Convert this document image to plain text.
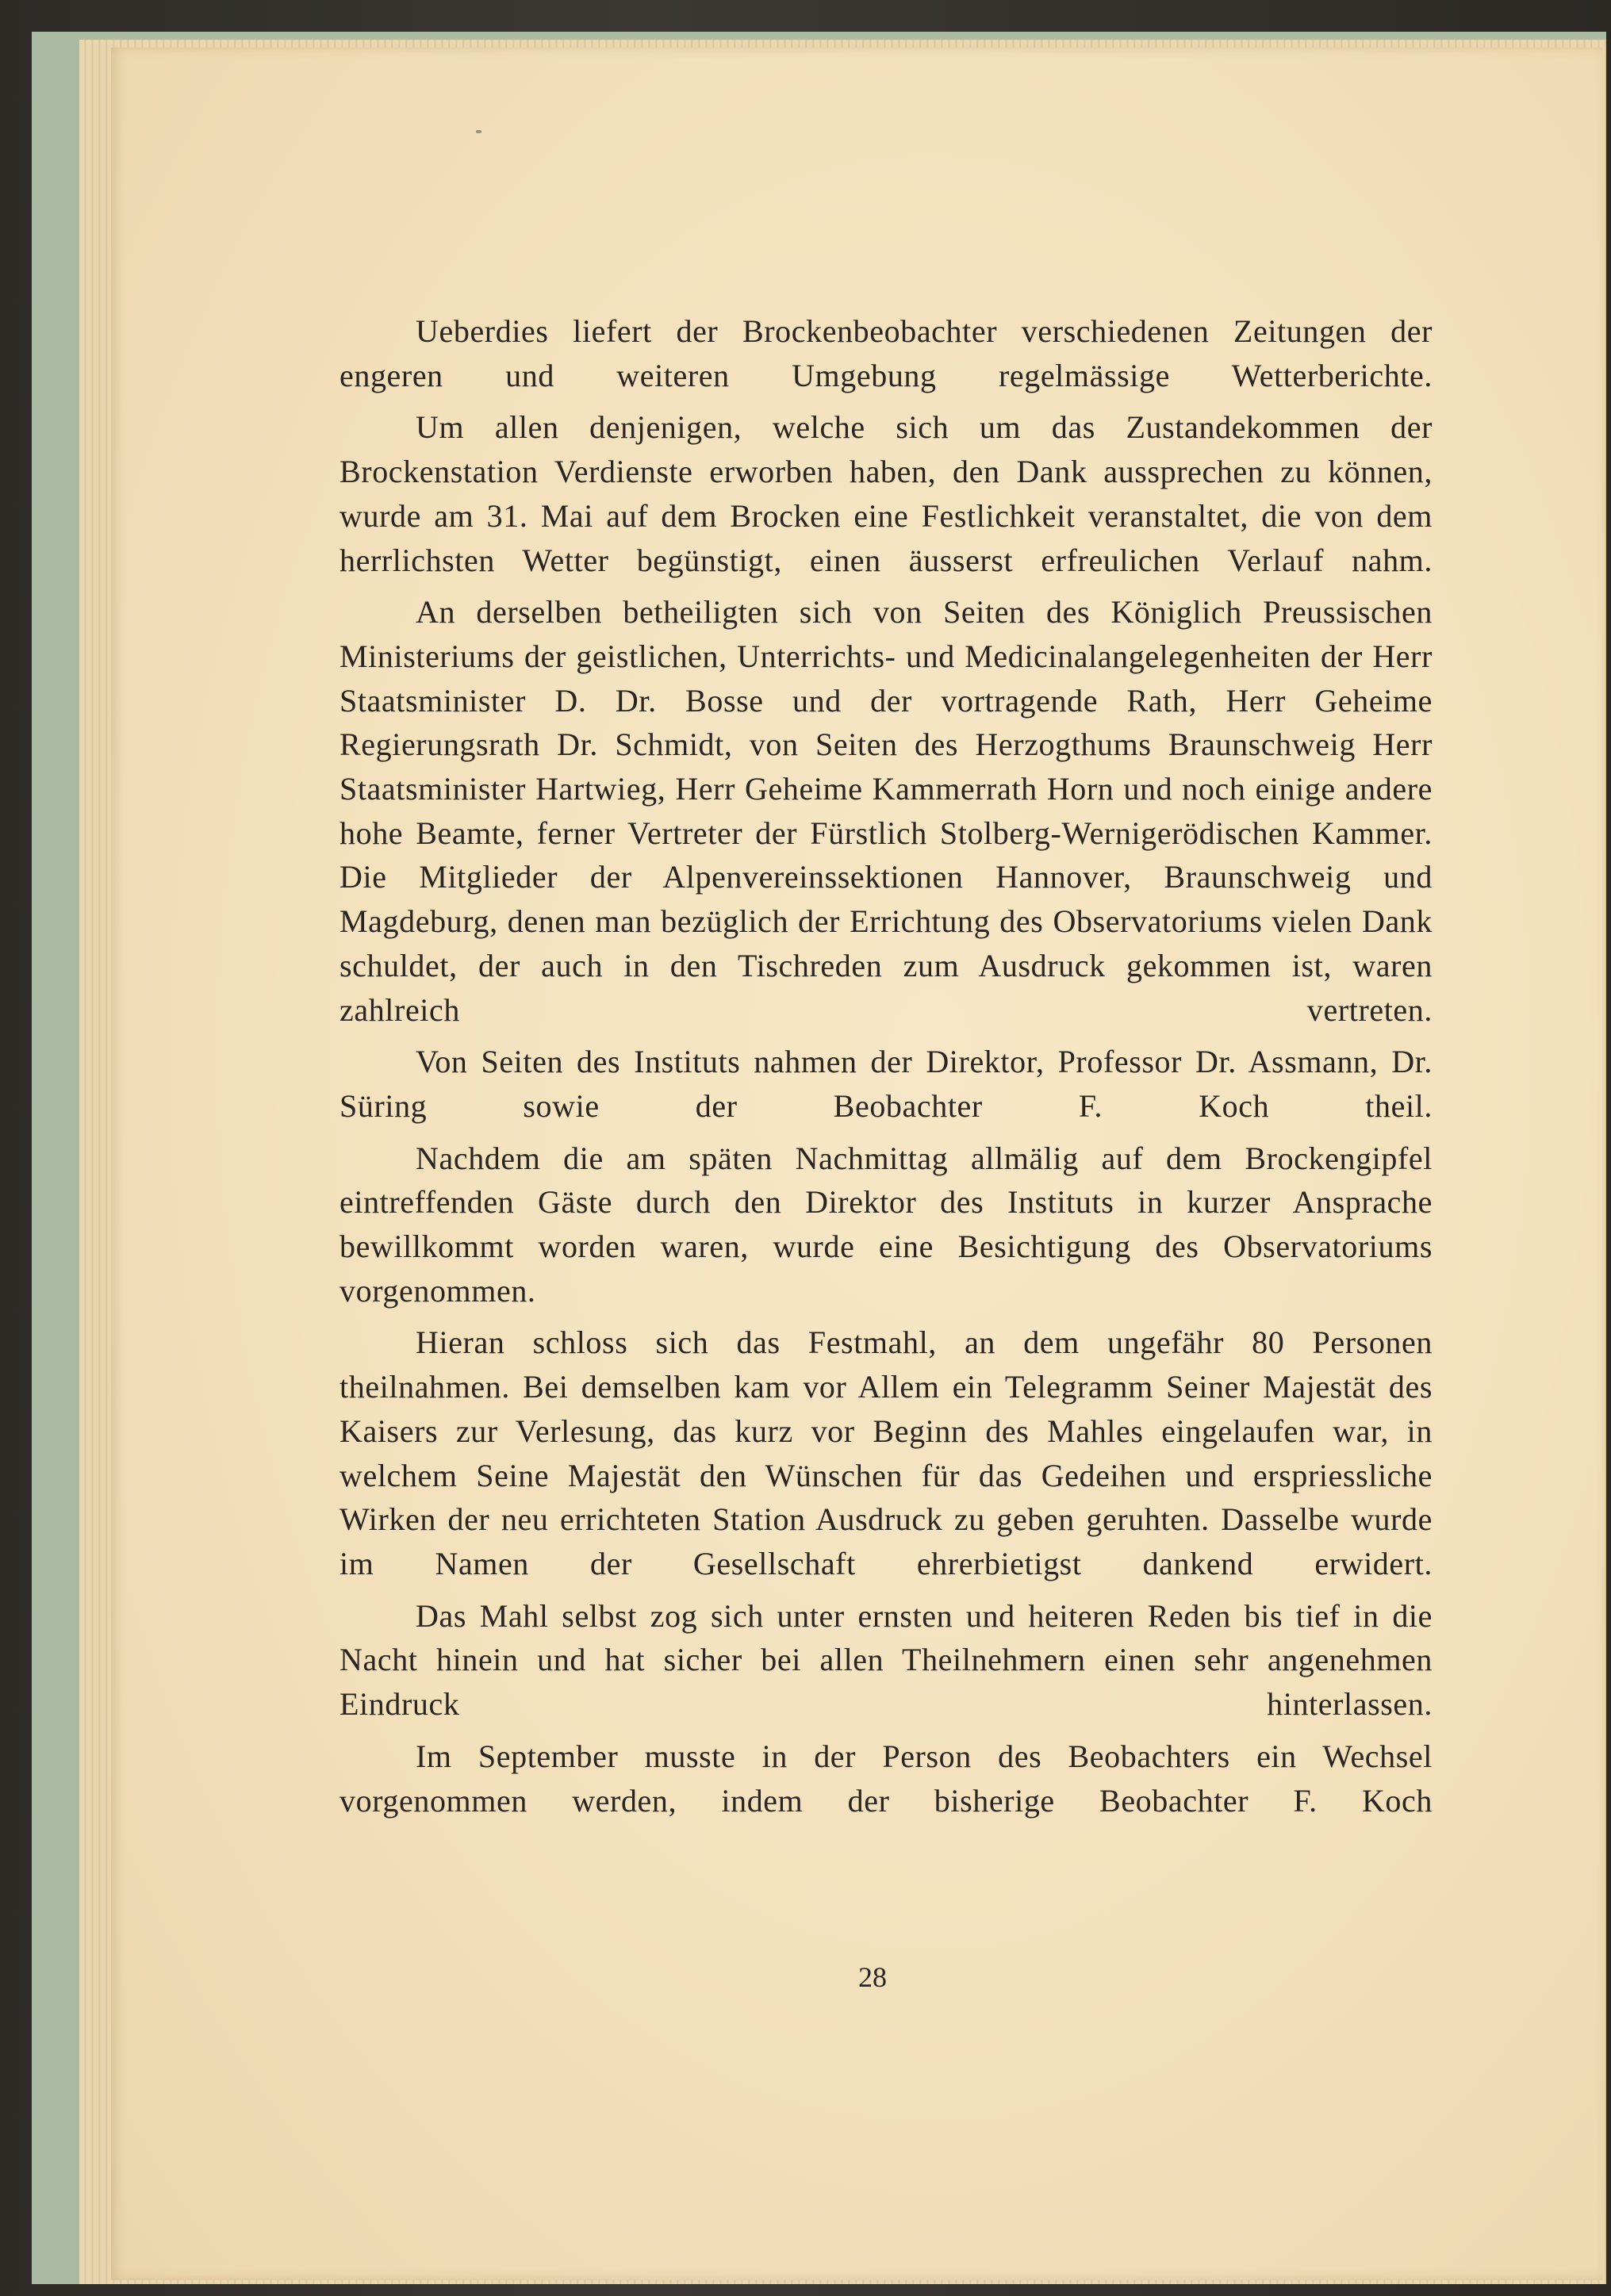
Ueberdies liefert der Brockenbeobachter verschiedenen Zeitungen der engeren und weiteren Umgebung regelmässige Wetterberichte.

Um allen denjenigen, welche sich um das Zustandekommen der Brockenstation Verdienste erworben haben, den Dank aussprechen zu können, wurde am 31. Mai auf dem Brocken eine Festlichkeit veranstaltet, die von dem herrlichsten Wetter begünstigt, einen äusserst erfreulichen Verlauf nahm.

An derselben betheiligten sich von Seiten des Königlich Preussischen Ministeriums der geistlichen, Unterrichts- und Medicinalangelegenheiten der Herr Staatsminister D. Dr. Bosse und der vortragende Rath, Herr Geheime Regierungsrath Dr. Schmidt, von Seiten des Herzogthums Braunschweig Herr Staatsminister Hartwieg, Herr Geheime Kammerrath Horn und noch einige andere hohe Beamte, ferner Vertreter der Fürstlich Stolberg-Wernigerödischen Kammer. Die Mitglieder der Alpenvereinssektionen Hannover, Braunschweig und Magdeburg, denen man bezüglich der Errichtung des Observatoriums vielen Dank schuldet, der auch in den Tischreden zum Ausdruck gekommen ist, waren zahlreich vertreten.

Von Seiten des Instituts nahmen der Direktor, Professor Dr. Assmann, Dr. Süring sowie der Beobachter F. Koch theil.

Nachdem die am späten Nachmittag allmälig auf dem Brockengipfel eintreffenden Gäste durch den Direktor des Instituts in kurzer Ansprache bewillkommt worden waren, wurde eine Besichtigung des Observatoriums vorgenommen.

Hieran schloss sich das Festmahl, an dem ungefähr 80 Personen theilnahmen. Bei demselben kam vor Allem ein Telegramm Seiner Majestät des Kaisers zur Verlesung, das kurz vor Beginn des Mahles eingelaufen war, in welchem Seine Majestät den Wünschen für das Gedeihen und erspriessliche Wirken der neu errichteten Station Ausdruck zu geben geruhten. Dasselbe wurde im Namen der Gesellschaft ehrerbietigst dankend erwidert.

Das Mahl selbst zog sich unter ernsten und heiteren Reden bis tief in die Nacht hinein und hat sicher bei allen Theilnehmern einen sehr angenehmen Eindruck hinterlassen.

Im September musste in der Person des Beobachters ein Wechsel vorgenommen werden, indem der bisherige Beobachter F. Koch

28
